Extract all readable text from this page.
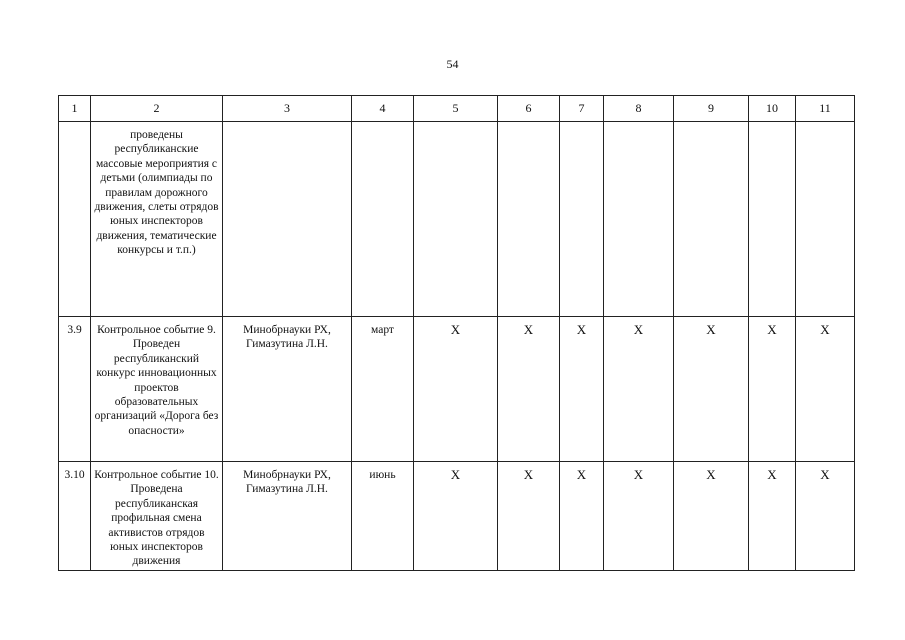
54
1	2	3	4	5	6	7	8	9	10	11
	проведены республиканские массовые мероприятия с детьми (олимпиады по правилам дорожного движения, слеты отрядов юных инспекторов движения, тематические конкурсы и т.п.)									
3.9	Контрольное событие 9. Проведен республиканский конкурс инновационных проектов образовательных организаций «Дорога без опасности»	Минобрнауки РХ, Гимазутина Л.Н.	март	Х	Х	Х	Х	Х	Х	Х
3.10	Контрольное событие 10. Проведена республиканская профильная смена активистов отрядов юных инспекторов движения	Минобрнауки РХ, Гимазутина Л.Н.	июнь	Х	Х	Х	Х	Х	Х	Х
